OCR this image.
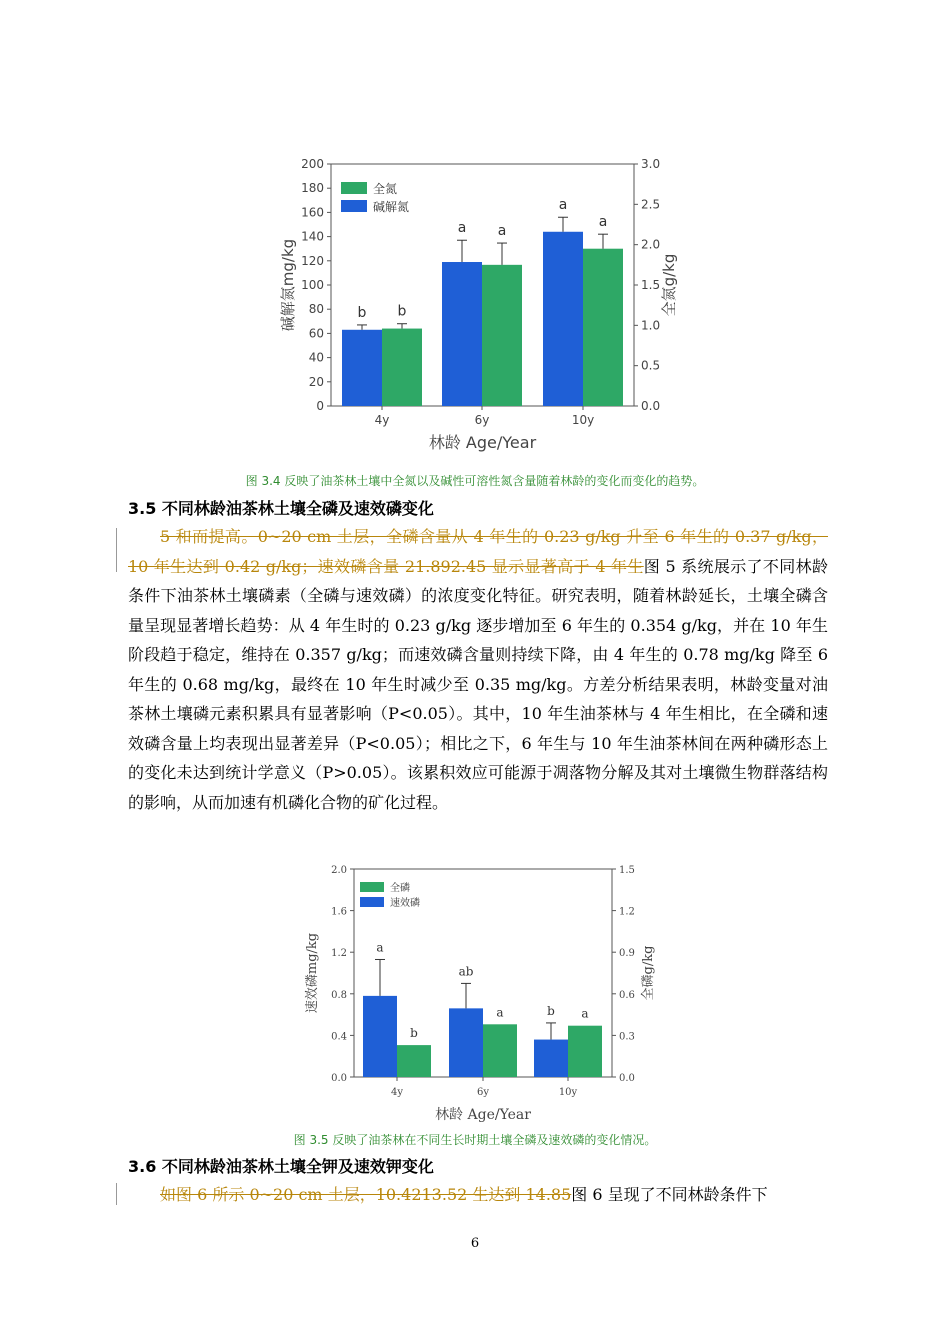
0
20
40
60
80
100
120
140
160
180
200
0.0
0.5
1.0
1.5
2.0
2.5
3.0
4y	6y	10y
林龄 Age/Year
碱解氮mg/kg	全氮g/kg
b
a
a
b
a
a
全氮
碱解氮
图 3.4 反映了油茶林土壤中全氮以及碱性可溶性氮含量随着林龄的变化而变化的趋势。
3.5 不同林龄油茶林土壤全磷及速效磷变化
5 和而提高。0~20 cm 土层，全磷含量从 4 年生的 0.23 g/kg 升至 6 年生的 0.37 g/kg，10 年生达到 0.42 g/kg；速效磷含量 21.892.45 显示显著高于 4 年生图 5 系统展示了不同林龄条件下油茶林土壤磷素（全磷与速效磷）的浓度变化特征。研究表明，随着林龄延长，土壤全磷含量呈现显著增长趋势：从 4 年生时的 0.23 g/kg 逐步增加至 6 年生的 0.354 g/kg，并在 10 年生阶段趋于稳定，维持在 0.357 g/kg；而速效磷含量则持续下降，由 4 年生的 0.78 mg/kg 降至 6 年生的 0.68 mg/kg，最终在 10 年生时减少至 0.35 mg/kg。方差分析结果表明，林龄变量对油茶林土壤磷元素积累具有显著影响（P<0.05）。其中，10 年生油茶林与 4 年生相比，在全磷和速效磷含量上均表现出显著差异（P<0.05）；相比之下，6 年生与 10 年生油茶林间在两种磷形态上的变化未达到统计学意义（P>0.05）。该累积效应可能源于凋落物分解及其对土壤微生物群落结构的影响，从而加速有机磷化合物的矿化过程。
0.0
0.4
0.8
1.2
1.6
2.0
0.0
0.3
0.6
0.9
1.2
1.5
4y	6y	10y
林龄 Age/Year
速效磷mg/kg	全磷g/kg
a
ab
b
b
a	a
全磷
速效磷
图 3.5 反映了油茶林在不同生长时期土壤全磷及速效磷的变化情况。
3.6 不同林龄油茶林土壤全钾及速效钾变化
如图 6 所示 0~20 cm 土层，10.4213.52 生达到 14.85图 6 呈现了不同林龄条件下
6
